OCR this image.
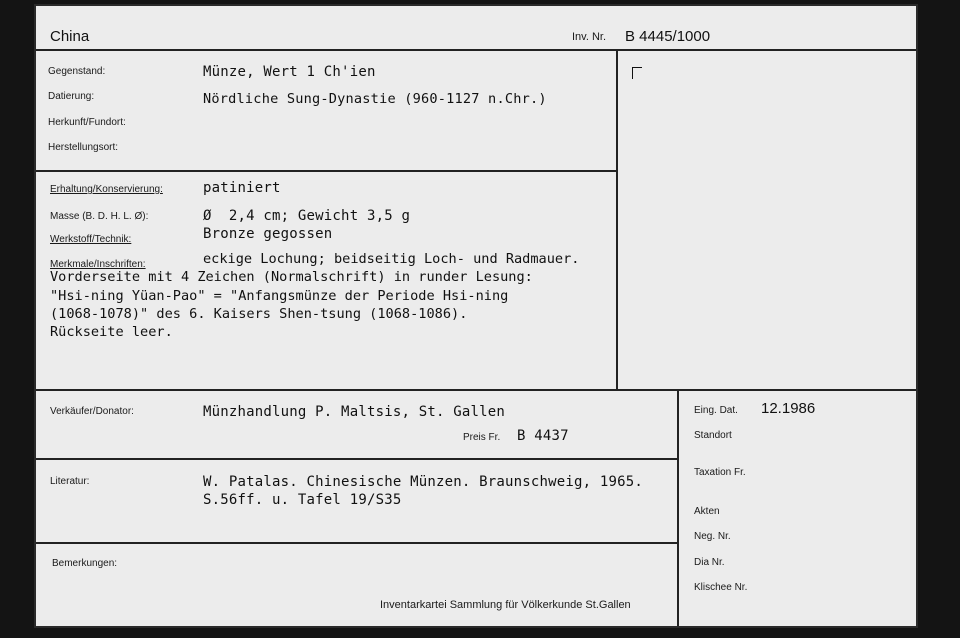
China	Inv. Nr. B 4445/1000
Gegenstand:	Münze, Wert 1 Ch'ien
Datierung:	Nördliche Sung-Dynastie (960-1127 n.Chr.)
Herkunft/Fundort:
Herstellungsort:
Erhaltung/Konservierung:	patiniert
Masse (B. D. H. L. Ø):	Ø  2,4 cm; Gewicht 3,5 g
Werkstoff/Technik:	Bronze gegossen
Merkmale/Inschriften:	eckige Lochung; beidseitig Loch- und Radmauer.
Vorderseite mit 4 Zeichen (Normalschrift) in runder Lesung:
"Hsi-ning Yüan-Pao" = "Anfangsmünze der Periode Hsi-ning
(1068-1078)" des 6. Kaisers Shen-tsung (1068-1086).
Rückseite leer.
Verkäufer/Donator:	Münzhandlung P. Maltsis, St. Gallen
Preis Fr. B 4437
Literatur:	W. Patalas. Chinesische Münzen. Braunschweig, 1965.
S.56ff. u. Tafel 19/S35
Bemerkungen:
Inventarkartei Sammlung für Völkerkunde St.Gallen
Eing. Dat. 12.1986
Standort
Taxation Fr.
Akten
Neg. Nr.
Dia Nr.
Klischee Nr.
